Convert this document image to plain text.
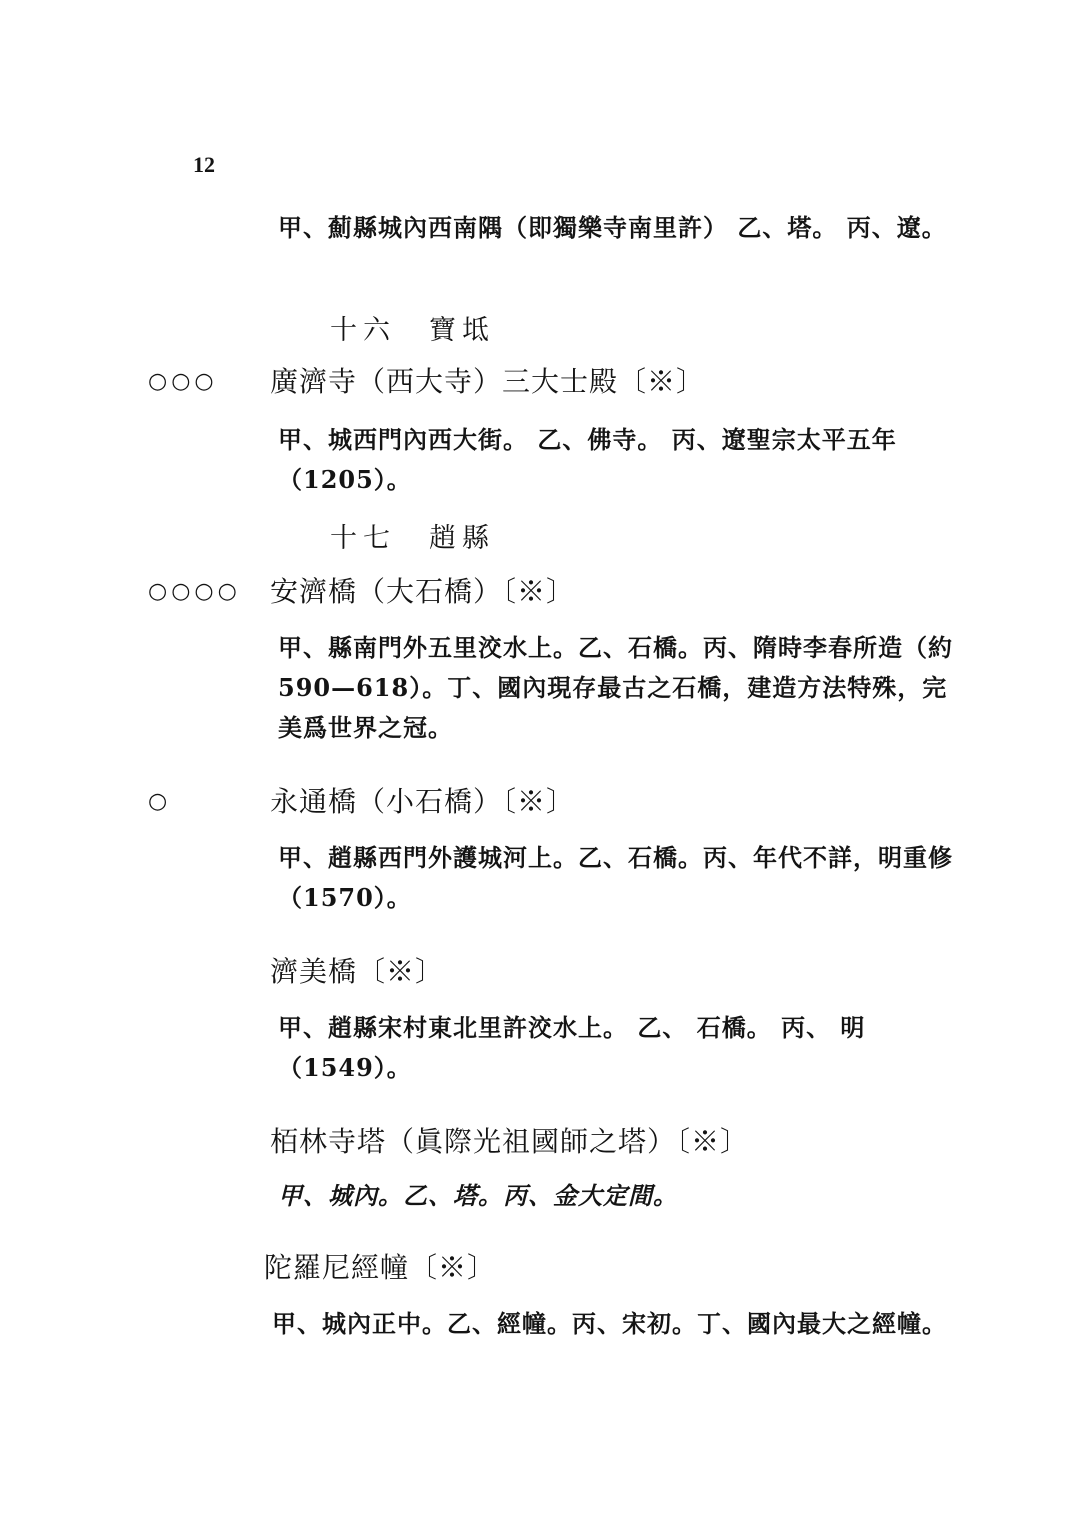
12
甲、薊縣城內西南隅（即獨樂寺南里許） 乙、塔。 丙、遼。
十六　寶坻
○○○ 廣濟寺（西大寺）三大士殿〔※〕
甲、城西門內西大街。 乙、佛寺。 丙、遼聖宗太平五年（1205）。
十七　趙縣
○○○○ 安濟橋（大石橋）〔※〕
甲、縣南門外五里洨水上。乙、石橋。丙、隋時李春所造（約590—618）。丁、國內現存最古之石橋，建造方法特殊，完美爲世界之冠。
○	永通橋（小石橋）〔※〕
甲、趙縣西門外護城河上。乙、石橋。丙、年代不詳，明重修（1570）。
濟美橋〔※〕
甲、趙縣宋村東北里許洨水上。 乙、 石橋。 丙、 明（1549）。
栢林寺塔（眞際光祖國師之塔）〔※〕
甲、城內。乙、塔。丙、金大定間。
陀羅尼經幢〔※〕
甲、城內正中。乙、經幢。丙、宋初。丁、國內最大之經幢。
